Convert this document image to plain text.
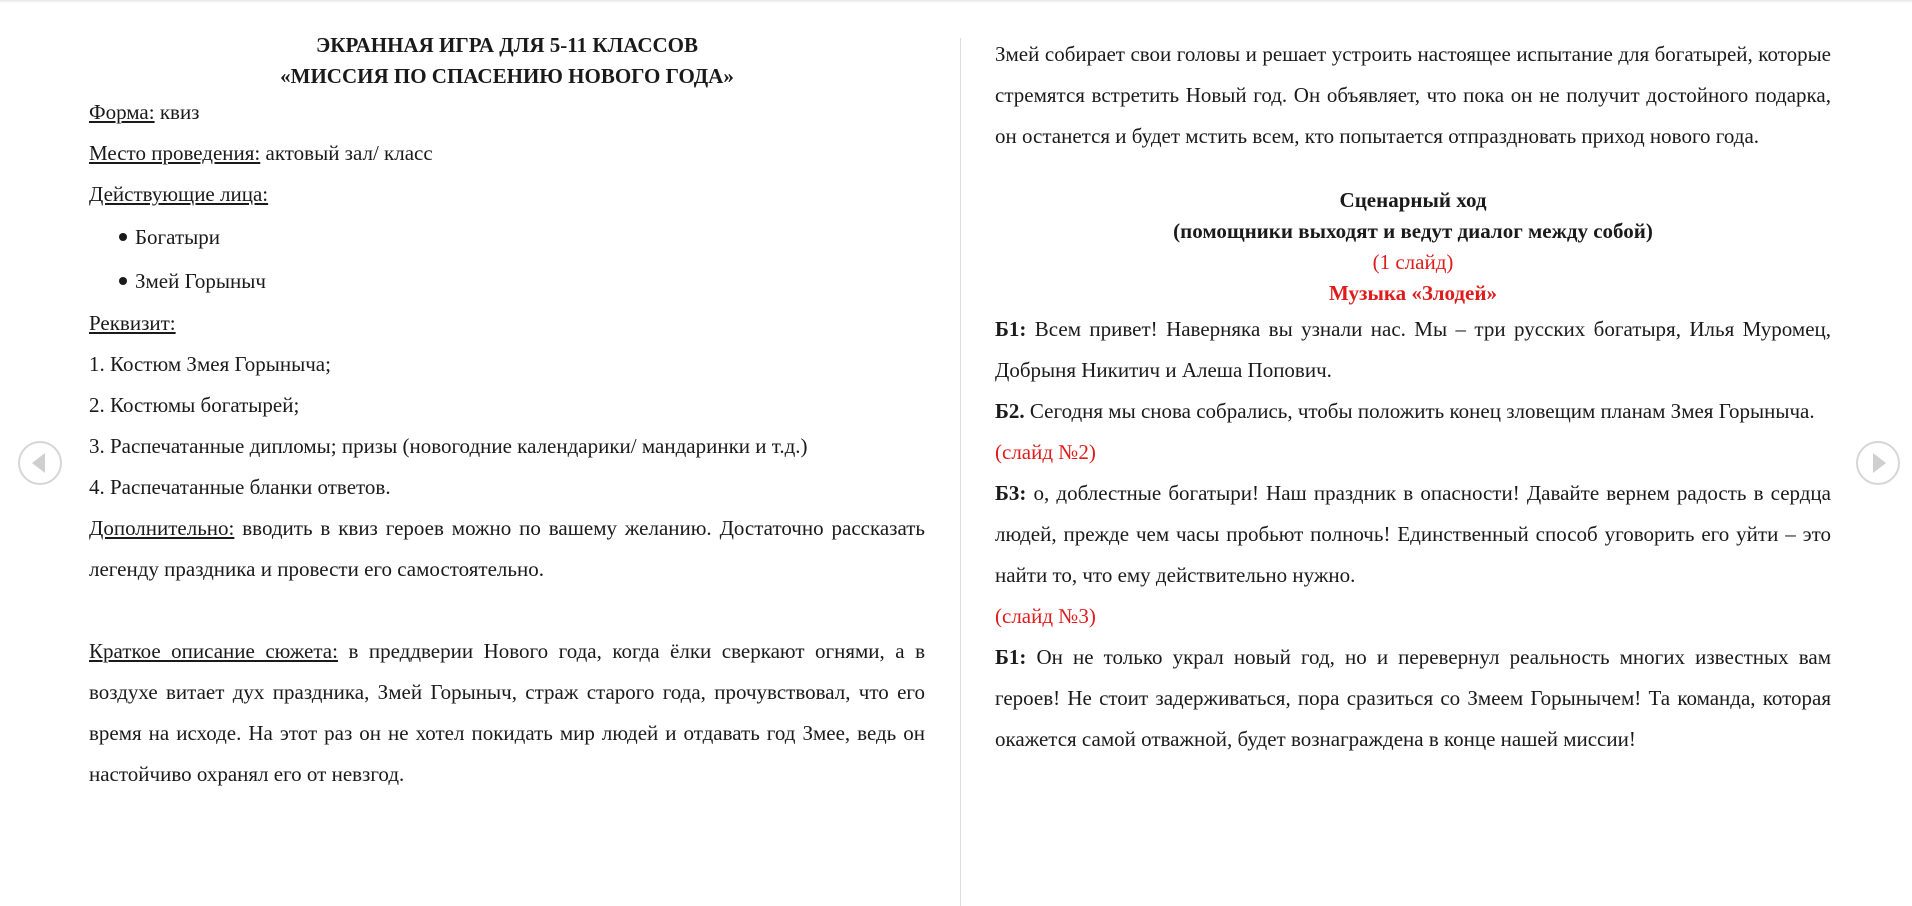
ЭКРАННАЯ ИГРА ДЛЯ 5-11 КЛАССОВ

«МИССИЯ ПО СПАСЕНИЮ НОВОГО ГОДА»

Форма: квиз

Место проведения: актовый зал/ класс

Действующие лица:

Богатыри
Змей Горыныч

Реквизит:

1. Костюм Змея Горыныча;

2. Костюмы богатырей;

3. Распечатанные дипломы; призы (новогодние календарики/ мандаринки и т.д.)

4. Распечатанные бланки ответов.

Дополнительно: вводить в квиз героев можно по вашему желанию. Достаточно рассказать легенду праздника и провести его самостоятельно.

Краткое описание сюжета: в преддверии Нового года, когда ёлки сверкают огнями, а в воздухе витает дух праздника, Змей Горыныч, страж старого года, прочувствовал, что его время на исходе. На этот раз он не хотел покидать мир людей и отдавать год Змее, ведь он настойчиво охранял его от невзгод.

Змей собирает свои головы и решает устроить настоящее испытание для богатырей, которые стремятся встретить Новый год. Он объявляет, что пока он не получит достойного подарка, он останется и будет мстить всем, кто попытается отпраздновать приход нового года.

Сценарный ход

(помощники выходят и ведут диалог между собой)

(1 слайд)

Музыка «Злодей»

Б1: Всем привет! Наверняка вы узнали нас. Мы – три русских богатыря, Илья Муромец, Добрыня Никитич и Алеша Попович.

Б2. Сегодня мы снова собрались, чтобы положить конец зловещим планам Змея Горыныча.

(слайд №2)

Б3: о, доблестные богатыри! Наш праздник в опасности! Давайте вернем радость в сердца людей, прежде чем часы пробьют полночь! Единственный способ уговорить его уйти – это найти то, что ему действительно нужно.

(слайд №3)

Б1: Он не только украл новый год, но и перевернул реальность многих известных вам героев! Не стоит задерживаться, пора сразиться со Змеем Горынычем! Та команда, которая окажется самой отважной, будет вознаграждена в конце нашей миссии!
